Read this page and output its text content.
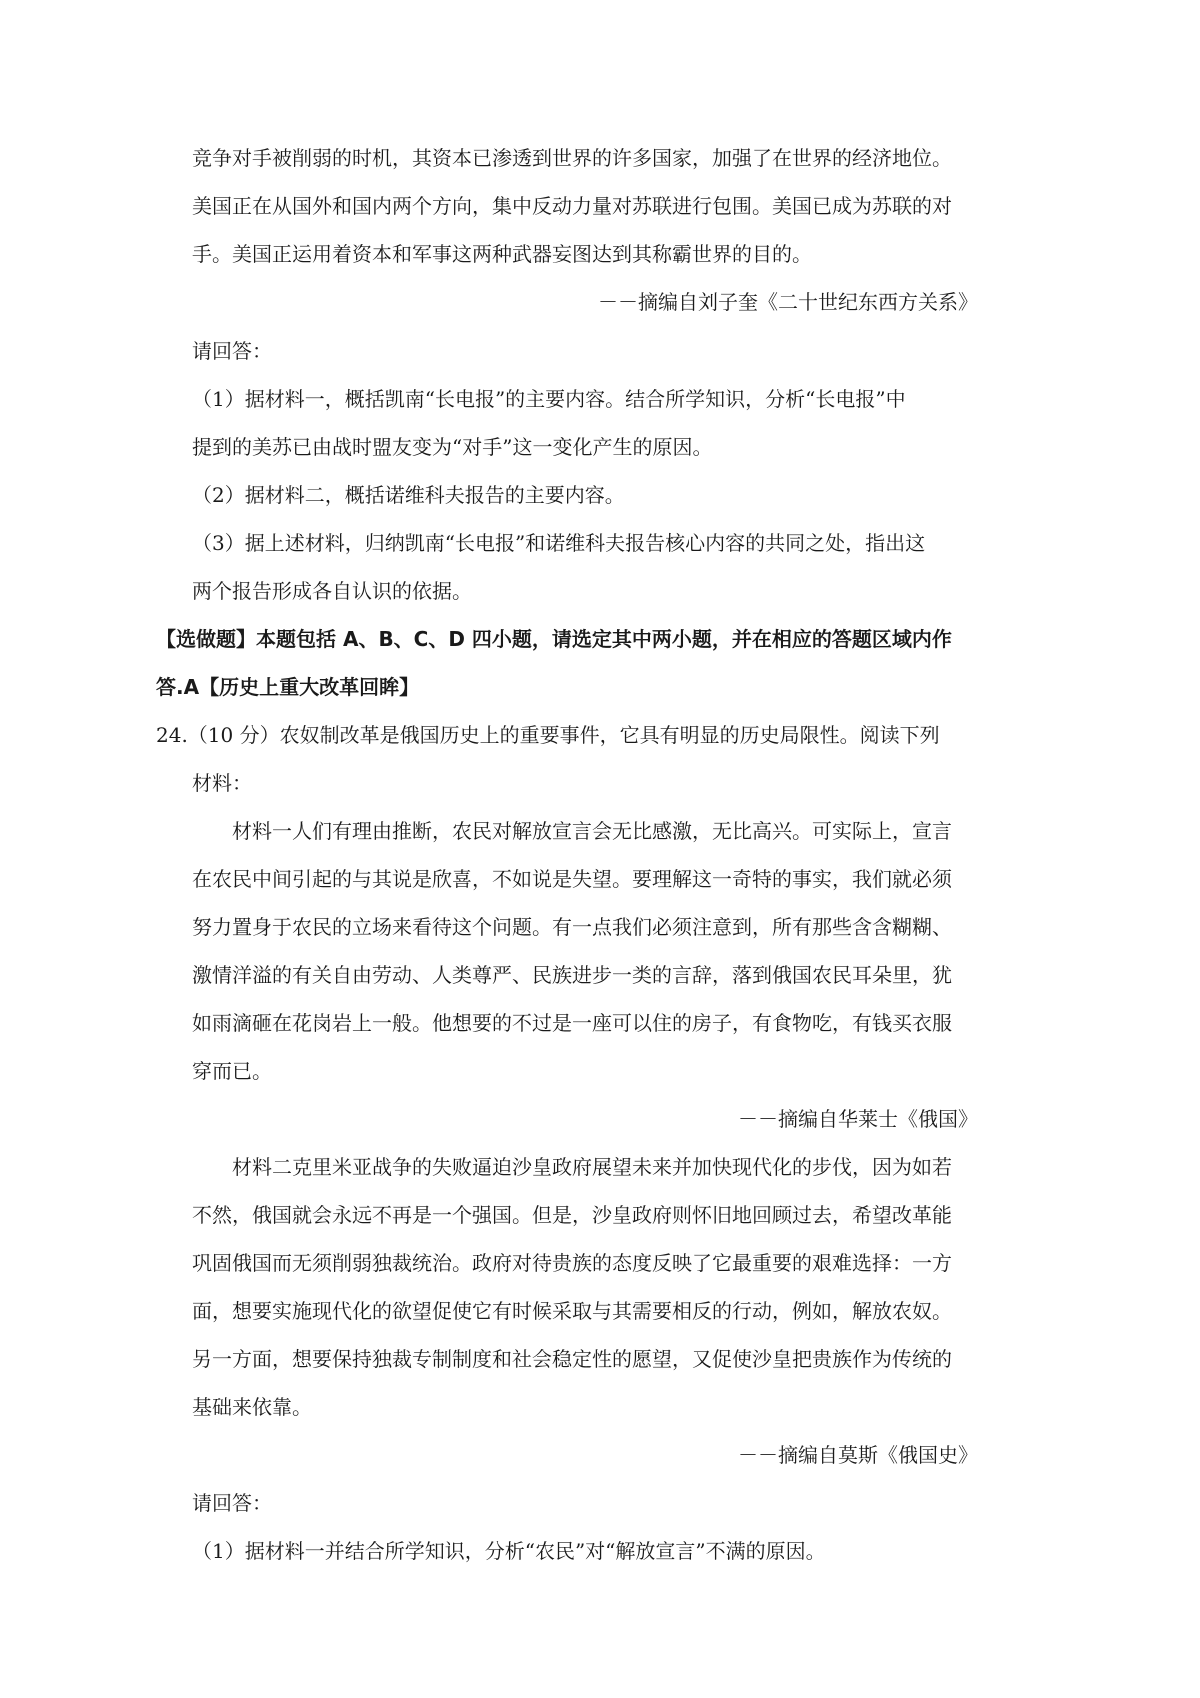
竞争对手被削弱的时机，其资本已渗透到世界的许多国家，加强了在世界的经济地位。
美国正在从国外和国内两个方向，集中反动力量对苏联进行包围。美国已成为苏联的对
手。美国正运用着资本和军事这两种武器妄图达到其称霸世界的目的。
－－摘编自刘子奎《二十世纪东西方关系》
请回答：
（1）据材料一，概括凯南“长电报”的主要内容。结合所学知识，分析“长电报”中
提到的美苏已由战时盟友变为“对手”这一变化产生的原因。
（2）据材料二，概括诺维科夫报告的主要内容。
（3）据上述材料，归纳凯南“长电报”和诺维科夫报告核心内容的共同之处，指出这
两个报告形成各自认识的依据。
【选做题】本题包括 A、B、C、D 四小题，请选定其中两小题，并在相应的答题区域内作
答.A【历史上重大改革回眸】
24.（10 分）农奴制改革是俄国历史上的重要事件，它具有明显的历史局限性。阅读下列
材料：
材料一人们有理由推断，农民对解放宣言会无比感激，无比高兴。可实际上，宣言
在农民中间引起的与其说是欣喜，不如说是失望。要理解这一奇特的事实，我们就必须
努力置身于农民的立场来看待这个问题。有一点我们必须注意到，所有那些含含糊糊、
激情洋溢的有关自由劳动、人类尊严、民族进步一类的言辞，落到俄国农民耳朵里，犹
如雨滴砸在花岗岩上一般。他想要的不过是一座可以住的房子，有食物吃，有钱买衣服
穿而已。
－－摘编自华莱士《俄国》
材料二克里米亚战争的失败逼迫沙皇政府展望未来并加快现代化的步伐，因为如若
不然，俄国就会永远不再是一个强国。但是，沙皇政府则怀旧地回顾过去，希望改革能
巩固俄国而无须削弱独裁统治。政府对待贵族的态度反映了它最重要的艰难选择：一方
面，想要实施现代化的欲望促使它有时候采取与其需要相反的行动，例如，解放农奴。
另一方面，想要保持独裁专制制度和社会稳定性的愿望，又促使沙皇把贵族作为传统的
基础来依靠。
－－摘编自莫斯《俄国史》
请回答：
（1）据材料一并结合所学知识，分析“农民”对“解放宣言”不满的原因。
